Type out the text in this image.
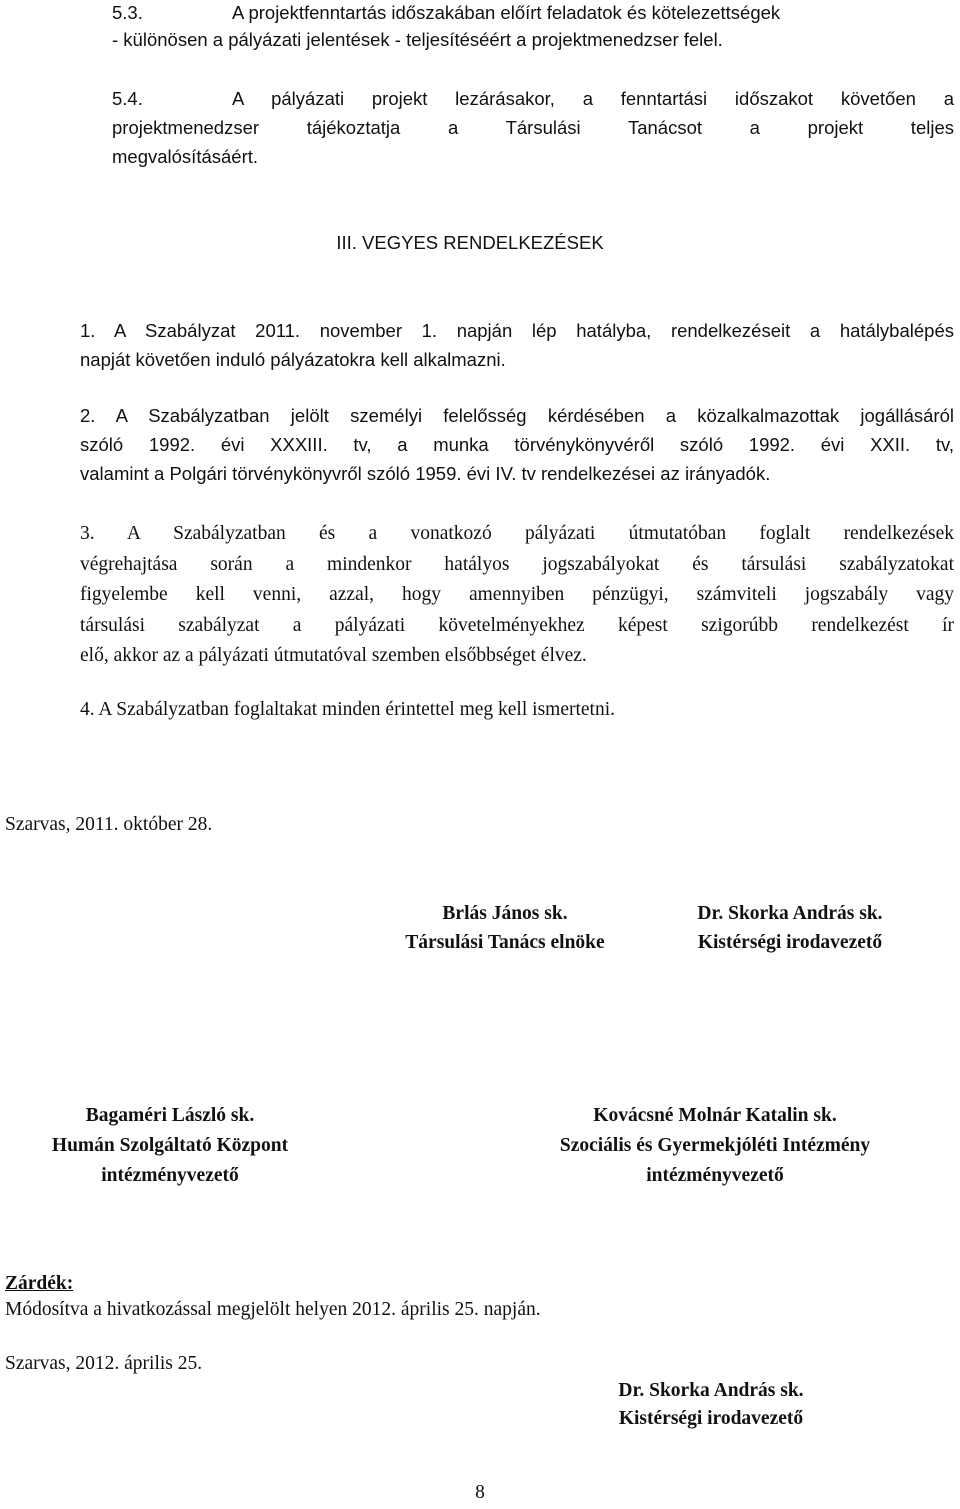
5.3.	A projektfenntartás időszakában előírt feladatok és kötelezettségek
- különösen a pályázati jelentések - teljesítéséért a projektmenedzser felel.
5.4.	A pályázati projekt lezárásakor, a fenntartási időszakot követően a
projektmenedzser tájékoztatja a Társulási Tanácsot a projekt teljes
megvalósításáért.
III. VEGYES RENDELKEZÉSEK
1. A Szabályzat 2011. november 1. napján lép hatályba, rendelkezéseit a hatálybalépés
napját követően induló pályázatokra kell alkalmazni.
2. A Szabályzatban jelölt személyi felelősség kérdésében a közalkalmazottak jogállásáról
szóló 1992. évi XXXIII. tv, a munka törvénykönyvéről szóló 1992. évi XXII. tv,
valamint a Polgári törvénykönyvről szóló 1959. évi IV. tv rendelkezései az irányadók.
3. A Szabályzatban és a vonatkozó pályázati útmutatóban foglalt rendelkezések
végrehajtása során a mindenkor hatályos jogszabályokat és társulási szabályzatokat
figyelembe kell venni, azzal, hogy amennyiben pénzügyi, számviteli jogszabály vagy
társulási szabályzat a pályázati követelményekhez képest szigorúbb rendelkezést ír
elő, akkor az a pályázati útmutatóval szemben elsőbbséget élvez.
4. A Szabályzatban foglaltakat minden érintettel meg kell ismertetni.
Szarvas, 2011. október 28.
Brlás János sk.
Társulási Tanács elnöke
Dr. Skorka András sk.
Kistérségi irodavezető
Bagaméri László sk.
Humán Szolgáltató Központ
intézményvezető
Kovácsné Molnár Katalin sk.
Szociális és Gyermekjóléti Intézmény
intézményvezető
Zárdék:
Módosítva a hivatkozással megjelölt helyen 2012. április 25. napján.
Szarvas, 2012. április 25.
Dr. Skorka András sk.
Kistérségi irodavezető
8
